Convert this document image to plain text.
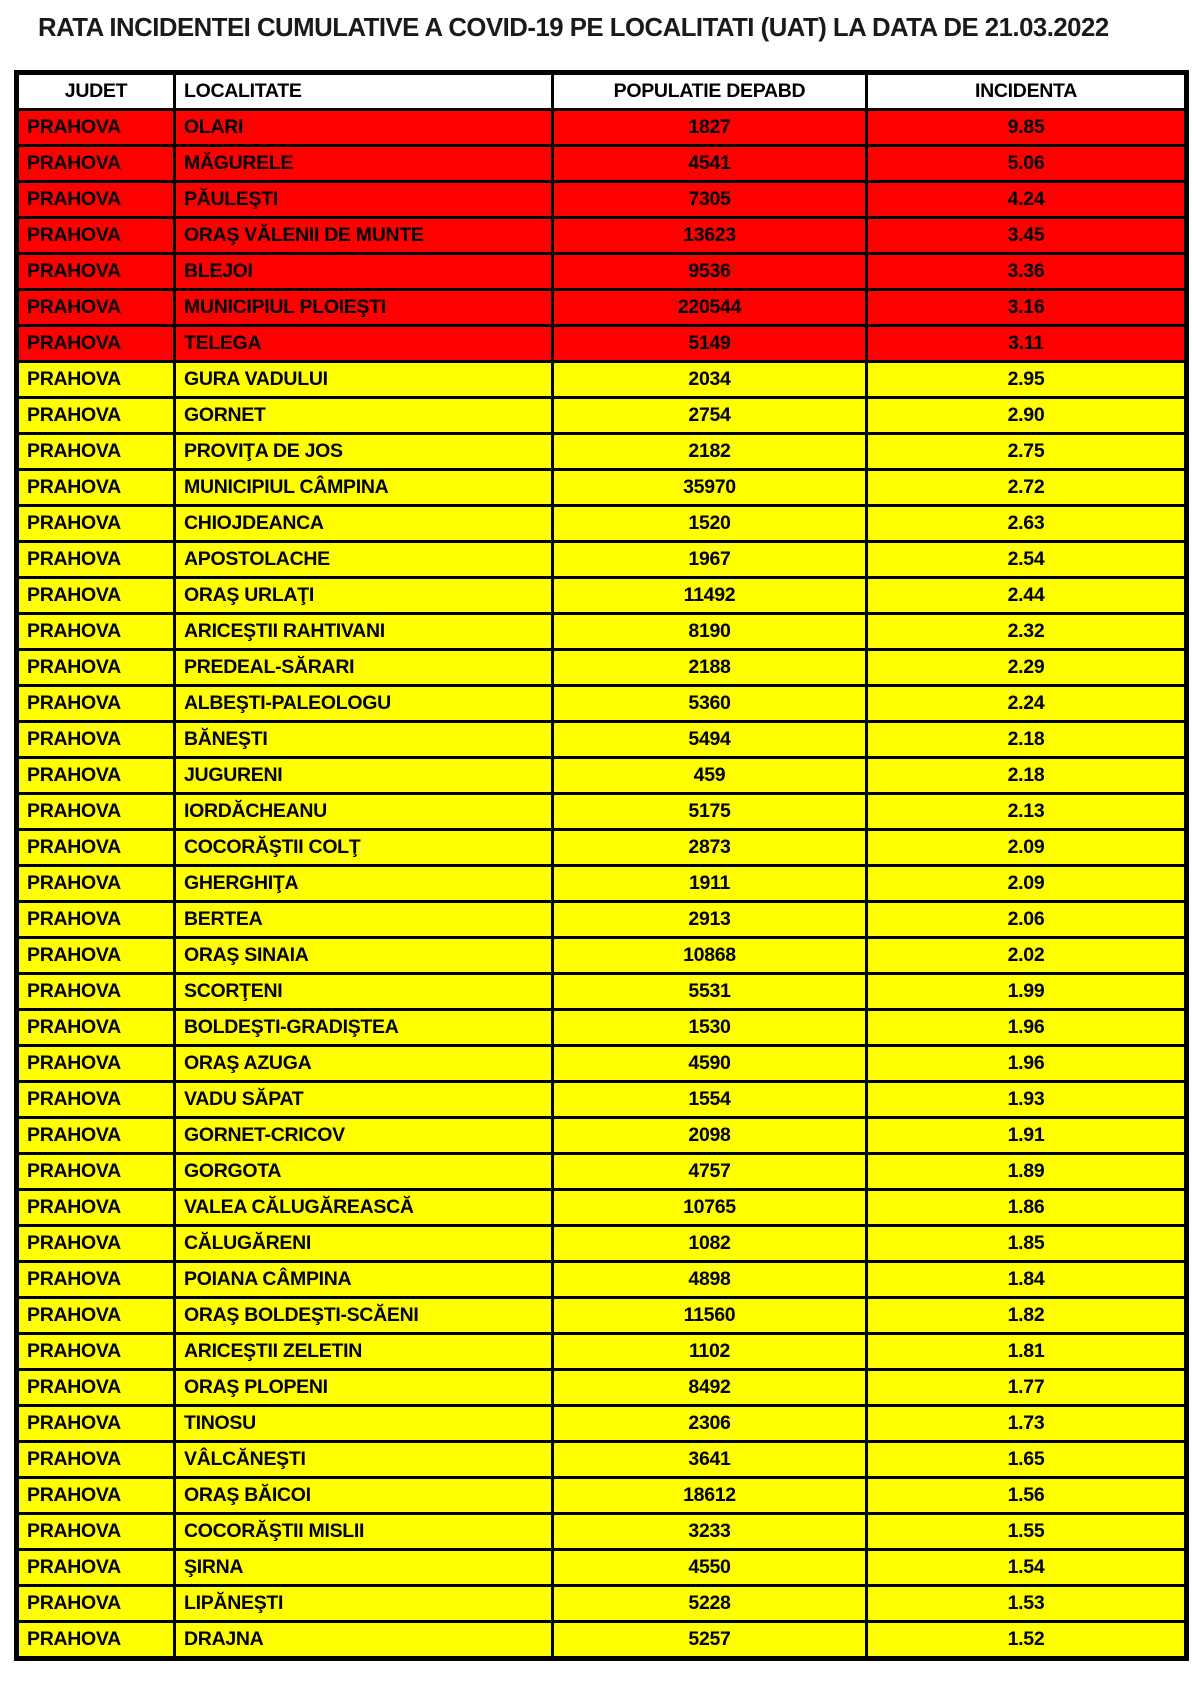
RATA INCIDENTEI CUMULATIVE A COVID-19 PE LOCALITATI (UAT) LA DATA DE 21.03.2022
JUDET	LOCALITATE	POPULATIE DEPABD	INCIDENTA
PRAHOVA	OLARI	1827	9.85
PRAHOVA	MĂGURELE	4541	5.06
PRAHOVA	PĂULEŞTI	7305	4.24
PRAHOVA	ORAŞ VĂLENII DE MUNTE	13623	3.45
PRAHOVA	BLEJOI	9536	3.36
PRAHOVA	MUNICIPIUL PLOIEŞTI	220544	3.16
PRAHOVA	TELEGA	5149	3.11
PRAHOVA	GURA VADULUI	2034	2.95
PRAHOVA	GORNET	2754	2.90
PRAHOVA	PROVIŢA DE JOS	2182	2.75
PRAHOVA	MUNICIPIUL CÂMPINA	35970	2.72
PRAHOVA	CHIOJDEANCA	1520	2.63
PRAHOVA	APOSTOLACHE	1967	2.54
PRAHOVA	ORAŞ URLAŢI	11492	2.44
PRAHOVA	ARICEŞTII RAHTIVANI	8190	2.32
PRAHOVA	PREDEAL-SĂRARI	2188	2.29
PRAHOVA	ALBEŞTI-PALEOLOGU	5360	2.24
PRAHOVA	BĂNEŞTI	5494	2.18
PRAHOVA	JUGURENI	459	2.18
PRAHOVA	IORDĂCHEANU	5175	2.13
PRAHOVA	COCORĂŞTII COLŢ	2873	2.09
PRAHOVA	GHERGHIŢA	1911	2.09
PRAHOVA	BERTEA	2913	2.06
PRAHOVA	ORAŞ SINAIA	10868	2.02
PRAHOVA	SCORŢENI	5531	1.99
PRAHOVA	BOLDEŞTI-GRADIŞTEA	1530	1.96
PRAHOVA	ORAŞ AZUGA	4590	1.96
PRAHOVA	VADU SĂPAT	1554	1.93
PRAHOVA	GORNET-CRICOV	2098	1.91
PRAHOVA	GORGOTA	4757	1.89
PRAHOVA	VALEA CĂLUGĂREASCĂ	10765	1.86
PRAHOVA	CĂLUGĂRENI	1082	1.85
PRAHOVA	POIANA CÂMPINA	4898	1.84
PRAHOVA	ORAŞ BOLDEŞTI-SCĂENI	11560	1.82
PRAHOVA	ARICEŞTII ZELETIN	1102	1.81
PRAHOVA	ORAŞ PLOPENI	8492	1.77
PRAHOVA	TINOSU	2306	1.73
PRAHOVA	VÂLCĂNEŞTI	3641	1.65
PRAHOVA	ORAŞ BĂICOI	18612	1.56
PRAHOVA	COCORĂŞTII MISLII	3233	1.55
PRAHOVA	ŞIRNA	4550	1.54
PRAHOVA	LIPĂNEŞTI	5228	1.53
PRAHOVA	DRAJNA	5257	1.52
